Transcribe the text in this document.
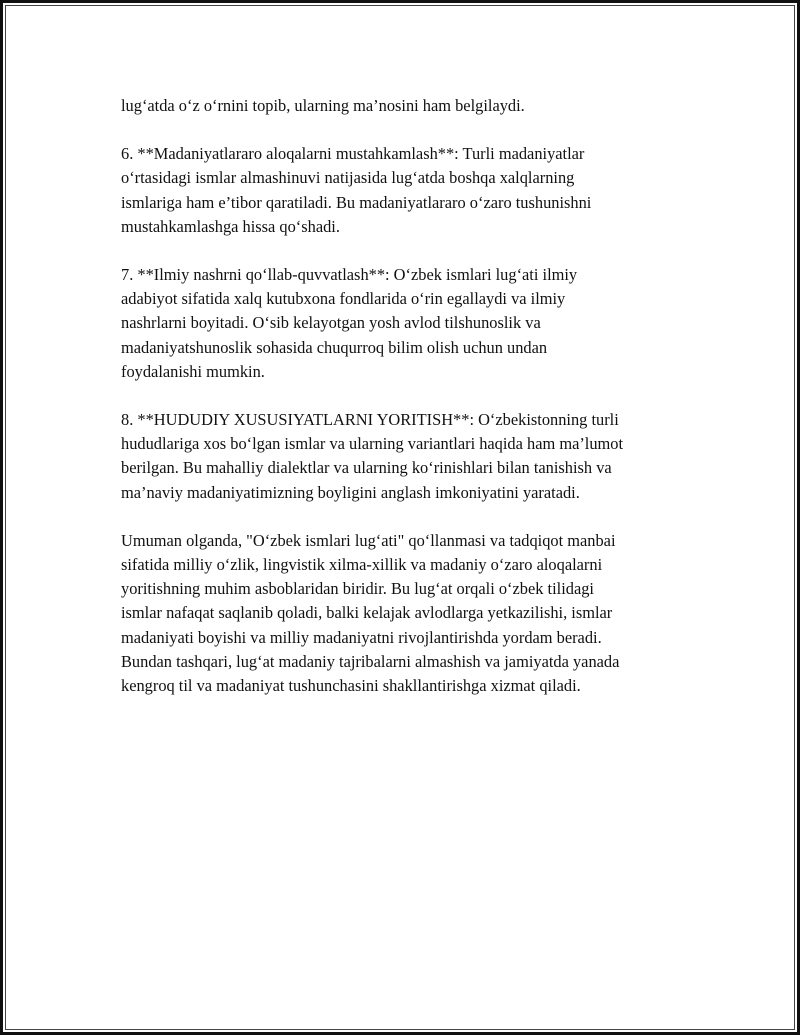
lug‘atda o‘z o‘rnini topib, ularning ma’nosini ham belgilaydi.

6. **Madaniyatlararo aloqalarni mustahkamlash**: Turli madaniyatlar
o‘rtasidagi ismlar almashinuvi natijasida lug‘atda boshqa xalqlarning
ismlariga ham e’tibor qaratiladi. Bu madaniyatlararo o‘zaro tushunishni
mustahkamlashga hissa qo‘shadi.

7. **Ilmiy nashrni qo‘llab-quvvatlash**: O‘zbek ismlari lug‘ati ilmiy
adabiyot sifatida xalq kutubxona fondlarida o‘rin egallaydi va ilmiy
nashrlarni boyitadi. O‘sib kelayotgan yosh avlod tilshunoslik va
madaniyatshunoslik sohasida chuqurroq bilim olish uchun undan
foydalanishi mumkin.

8. **HUDUDIY XUSUSIYATLARNI YORITISH**: O‘zbekistonning turli
hududlariga xos bo‘lgan ismlar va ularning variantlari haqida ham ma’lumot
berilgan. Bu mahalliy dialektlar va ularning ko‘rinishlari bilan tanishish va
ma’naviy madaniyatimizning boyligini anglash imkoniyatini yaratadi.

Umuman olganda, "O‘zbek ismlari lug‘ati" qo‘llanmasi va tadqiqot manbai
sifatida milliy o‘zlik, lingvistik xilma-xillik va madaniy o‘zaro aloqalarni
yoritishning muhim asboblaridan biridir. Bu lug‘at orqali o‘zbek tilidagi
ismlar nafaqat saqlanib qoladi, balki kelajak avlodlarga yetkazilishi, ismlar
madaniyati boyishi va milliy madaniyatni rivojlantirishda yordam beradi.
Bundan tashqari, lug‘at madaniy tajribalarni almashish va jamiyatda yanada
kengroq til va madaniyat tushunchasini shakllantirishga xizmat qiladi.
